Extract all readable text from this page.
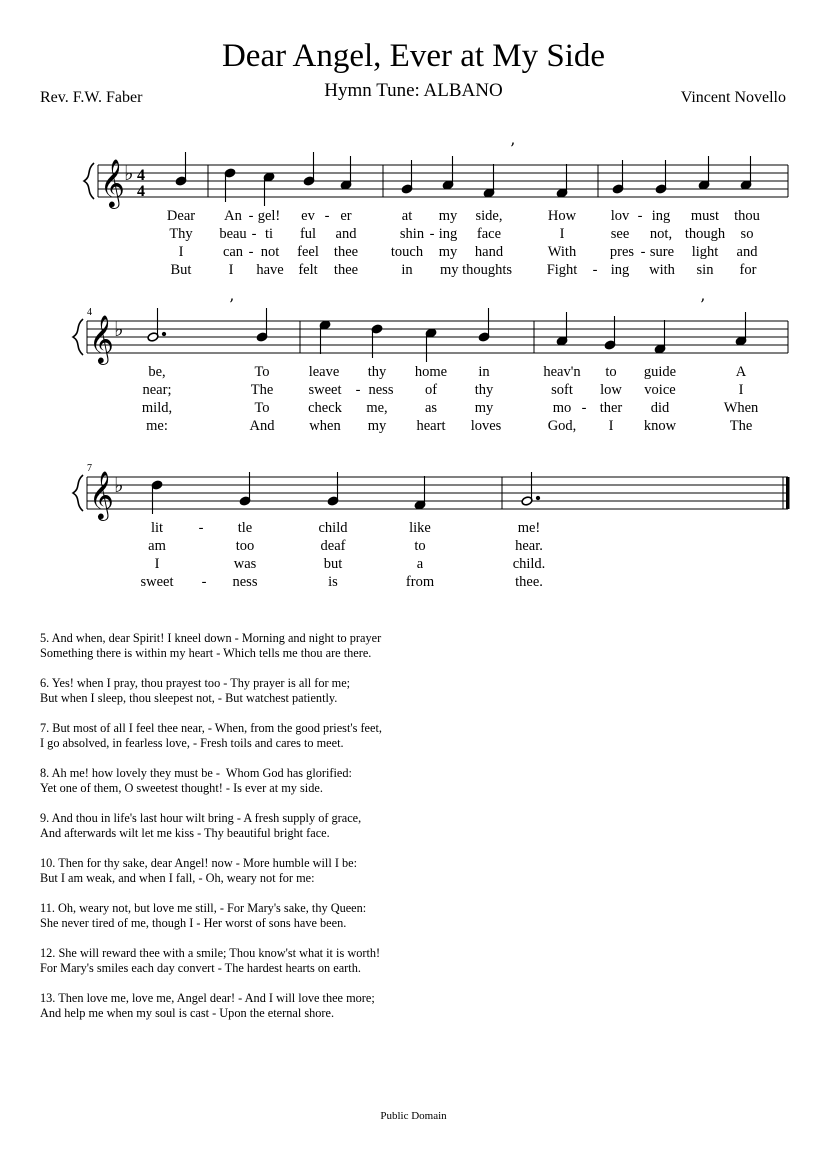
Dear Angel, Ever at My Side
Hymn Tune: ALBANO
Rev. F.W. Faber	Vincent Novello
𝄞 ♭ 4
4
’
Dear An - gel! ev - er	at my side,	How lov - ing must thou
Thy beau - ti ful and	shin - ing face	I	see not, though so
I	can - not feel thee touch my hand	With pres - sure light and
But	I have felt thee	in my thoughts Fight - ing with sin for
4
𝄞 ♭
’	’
be,	To	leave thy home in	heav'n to guide	A
near;	The sweet - ness of	thy	soft low voice	I
mild,	To	check me,	as	my	mo - ther did	When
me:	And when my heart loves	God, I know	The
7
𝄞 ♭
lit - tle	child	like	me!
am	too	deaf	to	hear.
I	was	but	a	child.
sweet - ness	is	from	thee.
5. And when, dear Spirit! I kneel down - Morning and night to prayer
Something there is within my heart - Which tells me thou are there.
6. Yes! when I pray, thou prayest too - Thy prayer is all for me;
But when I sleep, thou sleepest not, - But watchest patiently.
7. But most of all I feel thee near, - When, from the good priest's feet,
I go absolved, in fearless love, - Fresh toils and cares to meet.
8. Ah me! how lovely they must be -  Whom God has glorified:
Yet one of them, O sweetest thought! - Is ever at my side.
9. And thou in life's last hour wilt bring - A fresh supply of grace,
And afterwards wilt let me kiss - Thy beautiful bright face.
10. Then for thy sake, dear Angel! now - More humble will I be:
But I am weak, and when I fall, - Oh, weary not for me:
11. Oh, weary not, but love me still, - For Mary's sake, thy Queen:
She never tired of me, though I - Her worst of sons have been.
12. She will reward thee with a smile; Thou know'st what it is worth!
For Mary's smiles each day convert - The hardest hearts on earth.
13. Then love me, love me, Angel dear! - And I will love thee more;
And help me when my soul is cast - Upon the eternal shore.
Public Domain
